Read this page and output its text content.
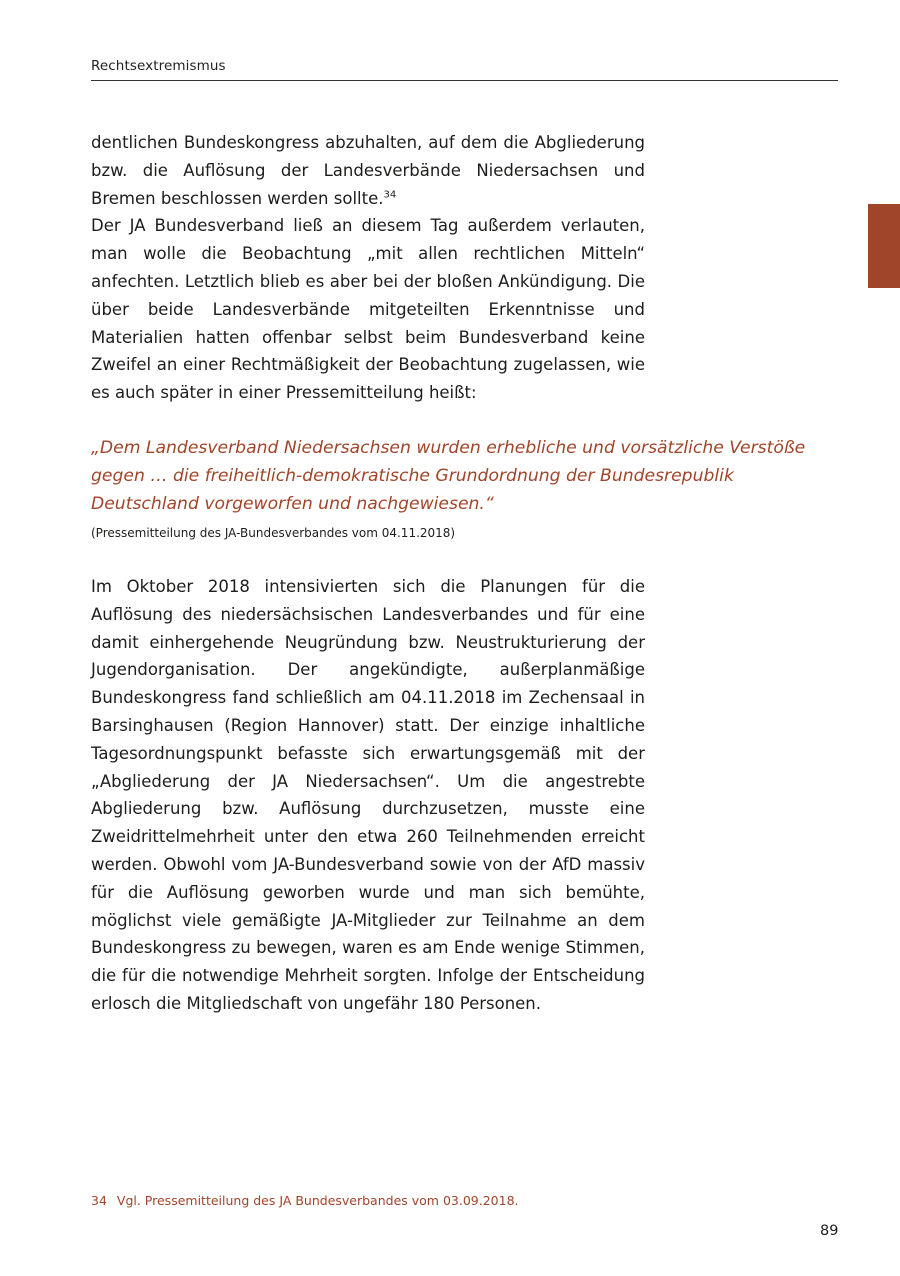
Rechtsextremismus

dentlichen Bundeskongress abzuhalten, auf dem die Abgliederung bzw. die Auflösung der Landesverbände Niedersachsen und Bremen beschlossen werden sollte.$^{34}$

Der JA Bundesverband ließ an diesem Tag außerdem verlauten, man wolle die Beobachtung „mit allen rechtlichen Mitteln“ anfechten. Letztlich blieb es aber bei der bloßen Ankündigung. Die über beide Landesverbände mitgeteilten Erkenntnisse und Materialien hatten offenbar selbst beim Bundesverband keine Zweifel an einer Rechtmäßigkeit der Beobachtung zugelassen, wie es auch später in einer Pressemitteilung heißt:

„Dem Landesverband Niedersachsen wurden erhebliche und vorsätzliche Verstöße gegen … die freiheitlich-demokratische Grundordnung der Bundesrepublik Deutschland vorgeworfen und nachgewiesen.“

(Pressemitteilung des JA-Bundesverbandes vom 04.11.2018)

Im Oktober 2018 intensivierten sich die Planungen für die Auflösung des niedersächsischen Landesverbandes und für eine damit einhergehende Neugründung bzw. Neustrukturierung der Jugendorganisation. Der angekündigte, außerplanmäßige Bundeskongress fand schließlich am 04.11.2018 im Zechensaal in Barsinghausen (Region Hannover) statt. Der einzige inhaltliche Tagesordnungspunkt befasste sich erwartungsgemäß mit der „Abgliederung der JA Niedersachsen“. Um die angestrebte Abgliederung bzw. Auflösung durchzusetzen, musste eine Zweidrittelmehrheit unter den etwa 260 Teilnehmenden erreicht werden. Obwohl vom JA-Bundesverband sowie von der AfD massiv für die Auflösung geworben wurde und man sich bemühte, möglichst viele gemäßigte JA-Mitglieder zur Teilnahme an dem Bundeskongress zu bewegen, waren es am Ende wenige Stimmen, die für die notwendige Mehrheit sorgten. Infolge der Entscheidung erlosch die Mitgliedschaft von ungefähr 180 Personen.

34 Vgl. Pressemitteilung des JA Bundesverbandes vom 03.09.2018.
89
